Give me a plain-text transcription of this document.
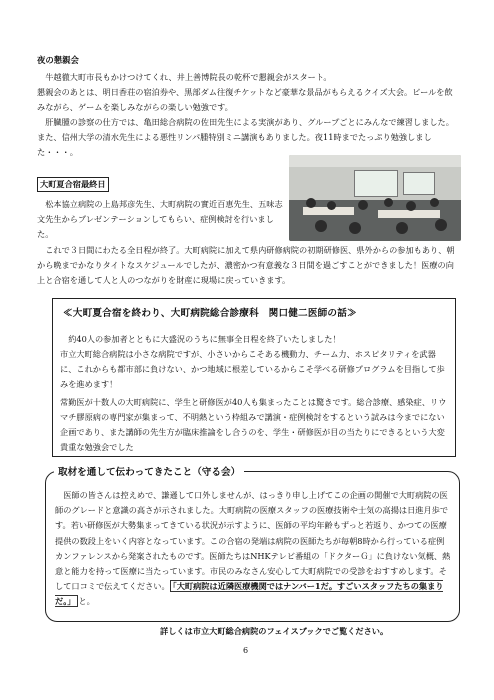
夜の懇親会
牛越徹大町市長もかけつけてくれ、井上善博院長の乾杯で懇親会がスタート。
懇親会のあとは、明日香荘の宿泊券や、黒部ダム往復チケットなど豪華な景品がもらえるクイズ大会。ビールを飲みながら、ゲームを楽しみながらの楽しい勉強です。
肝臓腫の診察の仕方では、亀田総合病院の佐田先生による実演があり、グループごとにみんなで練習しました。また、信州大学の清水先生による悪性リンパ腫特別ミニ講演もありました。夜11時までたっぷり勉強しました・・・。
大町夏合宿最終日
松本協立病院の上島邦彦先生、大町病院の實近百恵先生、五味志文先生からプレゼンテーションしてもらい、症例検討を行いました。
これで３日間にわたる全日程が終了。大町病院に加えて県内研修病院の初期研修医、県外からの参加もあり、朝から晩までかなりタイトなスケジュールでしたが、濃密かつ有意義な３日間を過ごすことができました！医療の向上と合宿を通して人と人のつながりを財産に現場に戻っていきます。
≪大町夏合宿を終わり、大町病院総合診療科　関口健二医師の話≫
約40人の参加者とともに大盛況のうちに無事全日程を終了いたしました！
市立大町総合病院は小さな病院ですが、小さいからこそある機動力、チーム力、ホスピタリティを武器に、これからも都市部に負けない、かつ地域に根差しているからこそ学べる研修プログラムを目指して歩みを進めます！
常勤医が十数人の大町病院に、学生と研修医が40人も集まったことは驚きです。総合診療、感染症、リウマチ膠原病の専門家が集まって、不明熱という枠組みで講演・症例検討をするという試みは今までにない企画であり、また講師の先生方が臨床推論をし合うのを、学生・研修医が目の当たりにできるという大変貴重な勉強会でした
取材を通して伝わってきたこと（守る会）
医師の皆さんは控えめで、謙遜して口外しませんが、はっきり申し上げてこの企画の開催で大町病院の医師のグレードと意識の高さが示されました。大町病院の医療スタッフの医療技術や士気の高揚は日進月歩です。若い研修医が大勢集まってきている状況が示すように、医師の平均年齢もずっと若返り、かつての医療提供の数段上をいく内容となっています。この合宿の発端は病院の医師たちが毎朝8時から行っている症例カンファレンスから発案されたものです。医師たちはNHKテレビ番組の「ドクターＧ」に負けない気概、熱意と能力を持って医療に当たっています。市民のみなさん安心して大町病院での受診をおすすめします。そして口コミで伝えてください。 「大町病院は近隣医療機関ではナンバー1だ。すごいスタッフたちの集まりだ。」 と。
詳しくは市立大町総合病院のフェイスブックでご覧ください。
6
